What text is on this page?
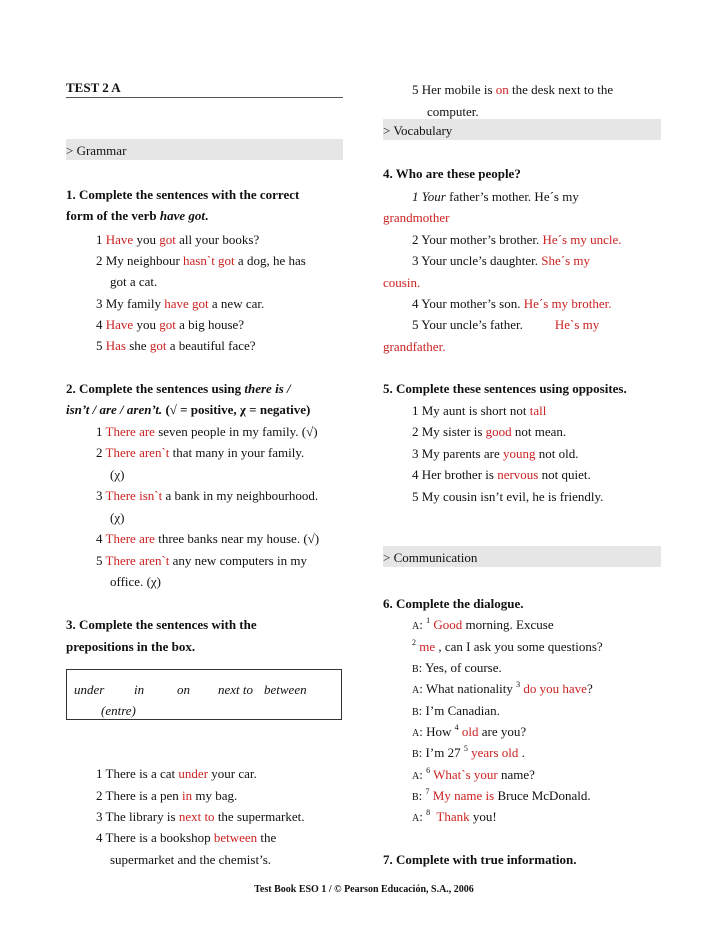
TEST 2 A
> Grammar
1. Complete the sentences with the correct
form of the verb have got.
1 Have you got all your books?
2 My neighbour hasn`t got a dog, he has
got a cat.
3 My family have got a new car.
4 Have you got a big house?
5 Has she got a beautiful face?
2. Complete the sentences using there is /
isn’t / are / aren’t. (√ = positive, χ = negative)
1 There are seven people in my family. (√)
2 There aren`t that many in your family.
(χ)
3 There isn`t a bank in my neighbourhood.
(χ)
4 There are three banks near my house. (√)
5 There aren`t any new computers in my
office. (χ)
3. Complete the sentences with the
prepositions in the box.
under in	on next to between
(entre)
1 There is a cat under your car.
2 There is a pen in my bag.
3 The library is next to the supermarket.
4 There is a bookshop between the
supermarket and the chemist’s.
5 Her mobile is on the desk next to the
computer.
> Vocabulary
4. Who are these people?
1 Your father’s mother. He´s my
grandmother
2 Your mother’s brother. He´s my uncle.
3 Your uncle’s daughter. She´s my
cousin.
4 Your mother’s son. He´s my brother.
5 Your uncle’s father. He`s my
grandfather.
5. Complete these sentences using opposites.
1 My aunt is short not tall
2 My sister is good not mean.
3 My parents are young not old.
4 Her brother is nervous not quiet.
5 My cousin isn’t evil, he is friendly.
> Communication
6. Complete the dialogue.
A: $^1$ Good morning. Excuse
$^2$ me , can I ask you some questions?
B: Yes, of course.
A: What nationality $^3$ do you have?
B: I’m Canadian.
A: How $^4$ old are you?
B: I’m 27 $^5$ years old .
A: $^6$ What`s your name?
B: $^7$ My name is Bruce McDonald.
A: $^8$ Thank you!
7. Complete with true information.
Test Book ESO 1 / © Pearson Educación, S.A., 2006
